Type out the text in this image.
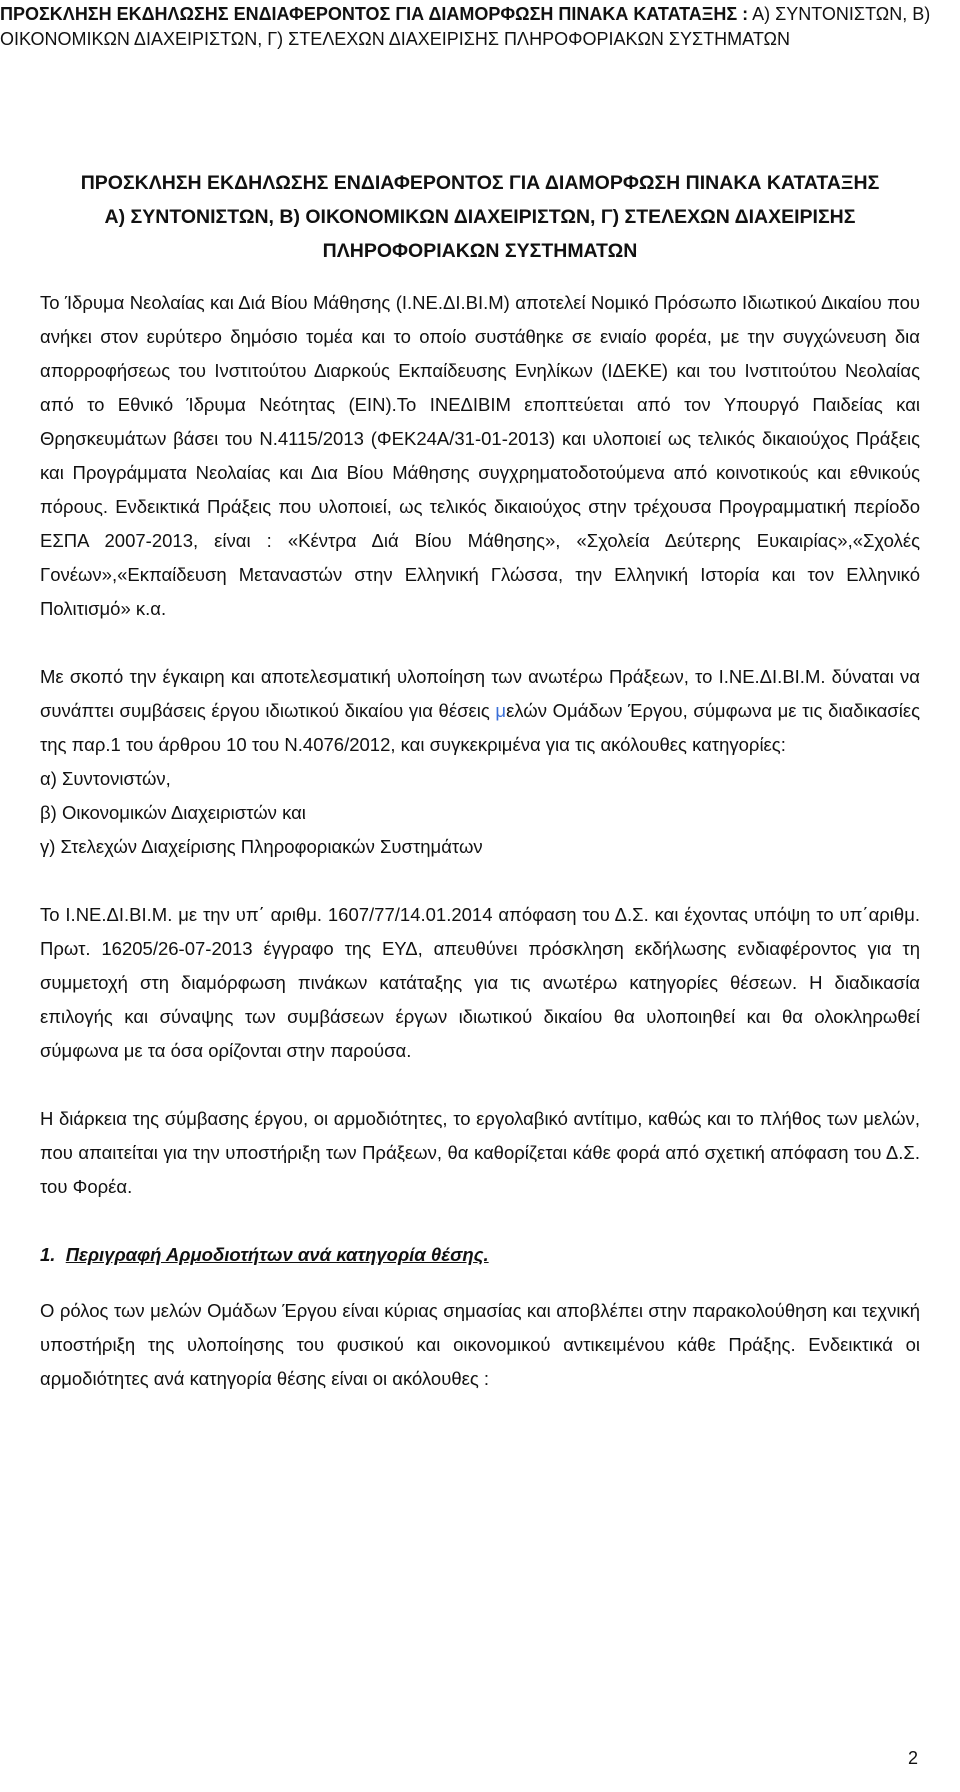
ΠΡΟΣΚΛΗΣΗ ΕΚΔΗΛΩΣΗΣ ΕΝΔΙΑΦΕΡΟΝΤΟΣ ΓΙΑ ΔΙΑΜΟΡΦΩΣΗ ΠΙΝΑΚΑ ΚΑΤΑΤΑΞΗΣ : Α) ΣΥΝΤΟΝΙΣΤΩΝ, Β)
ΟΙΚΟΝΟΜΙΚΩΝ ΔΙΑΧΕΙΡΙΣΤΩΝ, Γ) ΣΤΕΛΕΧΩΝ ΔΙΑΧΕΙΡΙΣΗΣ ΠΛΗΡΟΦΟΡΙΑΚΩΝ ΣΥΣΤΗΜΑΤΩΝ
ΠΡΟΣΚΛΗΣΗ ΕΚΔΗΛΩΣΗΣ ΕΝΔΙΑΦΕΡΟΝΤΟΣ ΓΙΑ ΔΙΑΜΟΡΦΩΣΗ ΠΙΝΑΚΑ ΚΑΤΑΤΑΞΗΣ
Α) ΣΥΝΤΟΝΙΣΤΩΝ, Β) ΟΙΚΟΝΟΜΙΚΩΝ ΔΙΑΧΕΙΡΙΣΤΩΝ, Γ) ΣΤΕΛΕΧΩΝ ΔΙΑΧΕΙΡΙΣΗΣ
ΠΛΗΡΟΦΟΡΙΑΚΩΝ ΣΥΣΤΗΜΑΤΩΝ

Το Ίδρυμα Νεολαίας και Διά Βίου Μάθησης (Ι.ΝΕ.ΔΙ.ΒΙ.Μ) αποτελεί Νομικό Πρόσωπο Ιδιωτικού Δικαίου που ανήκει στον ευρύτερο δημόσιο τομέα και το οποίο συστάθηκε σε ενιαίο φορέα, με την συγχώνευση δια απορροφήσεως του Ινστιτούτου Διαρκούς Εκπαίδευσης Ενηλίκων (ΙΔΕΚΕ) και του Ινστιτούτου Νεολαίας από το Εθνικό Ίδρυμα Νεότητας (ΕΙΝ).Το ΙΝΕΔΙΒΙΜ εποπτεύεται από τον Υπουργό Παιδείας και Θρησκευμάτων βάσει του Ν.4115/2013 (ΦΕΚ24Α/31-01-2013) και υλοποιεί ως τελικός δικαιούχος Πράξεις και Προγράμματα Νεολαίας και Δια Βίου Μάθησης συγχρηματοδοτούμενα από κοινοτικούς και εθνικούς πόρους. Ενδεικτικά Πράξεις που υλοποιεί, ως τελικός δικαιούχος στην τρέχουσα Προγραμματική περίοδο ΕΣΠΑ 2007-2013, είναι : «Κέντρα Διά Βίου Μάθησης», «Σχολεία Δεύτερης Ευκαιρίας»,«Σχολές Γονέων»,«Εκπαίδευση Μεταναστών στην Ελληνική Γλώσσα, την Ελληνική Ιστορία και τον Ελληνικό Πολιτισμό» κ.α.

Με σκοπό την έγκαιρη και αποτελεσματική υλοποίηση των ανωτέρω Πράξεων, το Ι.ΝΕ.ΔΙ.ΒΙ.Μ. δύναται να συνάπτει συμβάσεις έργου ιδιωτικού δικαίου για θέσεις μελών Ομάδων Έργου, σύμφωνα με τις διαδικασίες της παρ.1 του άρθρου 10 του Ν.4076/2012, και συγκεκριμένα για τις ακόλουθες κατηγορίες:

α) Συντονιστών,

β) Οικονομικών Διαχειριστών και

γ) Στελεχών Διαχείρισης Πληροφοριακών Συστημάτων

Το Ι.ΝΕ.ΔΙ.ΒΙ.Μ. με την υπ΄ αριθμ. 1607/77/14.01.2014 απόφαση του Δ.Σ. και έχοντας υπόψη το υπ΄αριθμ. Πρωτ. 16205/26-07-2013 έγγραφο της ΕΥΔ, απευθύνει πρόσκληση εκδήλωσης ενδιαφέροντος για τη συμμετοχή στη διαμόρφωση πινάκων κατάταξης για τις ανωτέρω κατηγορίες θέσεων. Η διαδικασία επιλογής και σύναψης των συμβάσεων έργων ιδιωτικού δικαίου θα υλοποιηθεί και θα ολοκληρωθεί σύμφωνα με τα όσα ορίζονται στην παρούσα.

Η διάρκεια της σύμβασης έργου, οι αρμοδιότητες, το εργολαβικό αντίτιμο, καθώς και το πλήθος των μελών, που απαιτείται για την υποστήριξη των Πράξεων, θα καθορίζεται κάθε φορά από σχετική απόφαση του Δ.Σ. του Φορέα.

1. Περιγραφή Αρμοδιοτήτων ανά κατηγορία θέσης.

Ο ρόλος των μελών Ομάδων Έργου είναι κύριας σημασίας και αποβλέπει στην παρακολούθηση και τεχνική υποστήριξη της υλοποίησης του φυσικού και οικονομικού αντικειμένου κάθε Πράξης. Ενδεικτικά οι αρμοδιότητες ανά κατηγορία θέσης είναι οι ακόλουθες :

2
